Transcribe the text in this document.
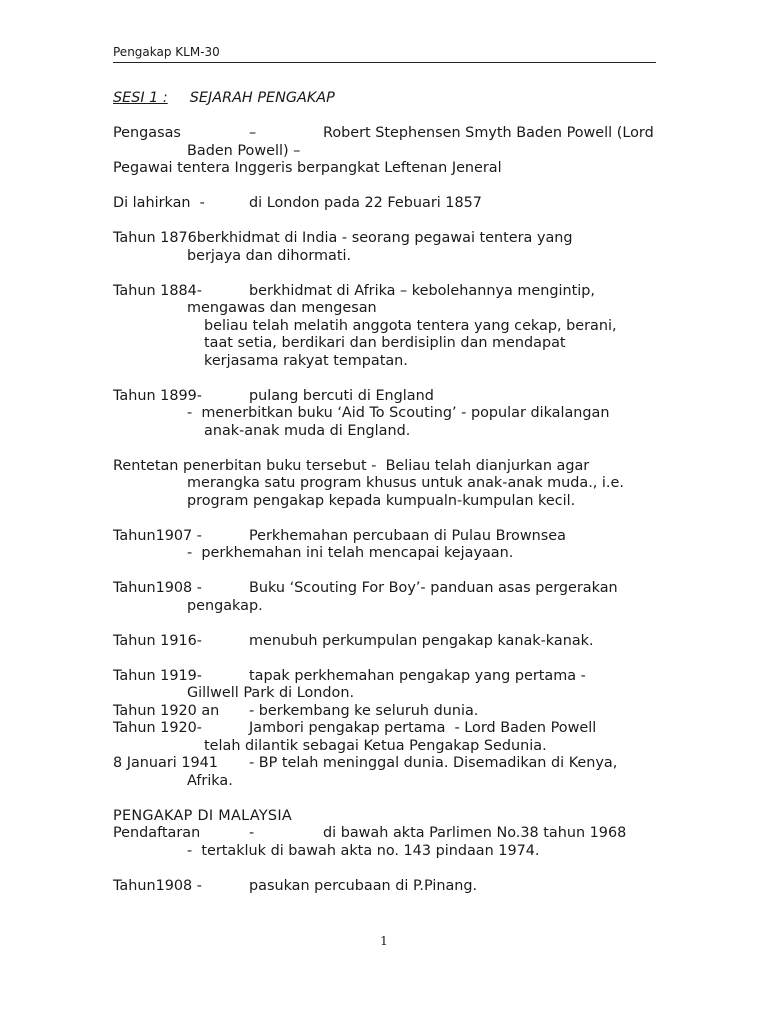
Pengakap KLM-30
SESI 1 : SEJARAH PENGAKAP
Pengasas	–	Robert Stephensen Smyth Baden Powell (Lord
Baden Powell) –
Pegawai tentera Inggeris berpangkat Leftenan Jeneral
Di lahirkan  -	di London pada 22 Febuari 1857
Tahun 1876berkhidmat di India - seorang pegawai tentera yang
berjaya dan dihormati.
Tahun 1884-	berkhidmat di Afrika – kebolehannya mengintip,
mengawas dan mengesan
beliau telah melatih anggota tentera yang cekap, berani,
taat setia, berdikari dan berdisiplin dan mendapat
kerjasama rakyat tempatan.
Tahun 1899-	pulang bercuti di England
-  menerbitkan buku ‘Aid To Scouting’ - popular dikalangan
anak-anak muda di England.
Rentetan penerbitan buku tersebut -  Beliau telah dianjurkan agar
merangka satu program khusus untuk anak-anak muda., i.e.
program pengakap kepada kumpualn-kumpulan kecil.
Tahun1907 -	Perkhemahan percubaan di Pulau Brownsea
-  perkhemahan ini telah mencapai kejayaan.
Tahun1908 -	Buku ‘Scouting For Boy’- panduan asas pergerakan
pengakap.
Tahun 1916-	menubuh perkumpulan pengakap kanak-kanak.
Tahun 1919-	tapak perkhemahan pengakap yang pertama -
Gillwell Park di London.
Tahun 1920 an - berkembang ke seluruh dunia.
Tahun 1920-	Jambori pengakap pertama  - Lord Baden Powell
telah dilantik sebagai Ketua Pengakap Sedunia.
8 Januari 1941 - BP telah meninggal dunia. Disemadikan di Kenya,
Afrika.
PENGAKAP DI MALAYSIA
Pendaftaran	-	di bawah akta Parlimen No.38 tahun 1968
-  tertakluk di bawah akta no. 143 pindaan 1974.
Tahun1908 -	pasukan percubaan di P.Pinang.
1
